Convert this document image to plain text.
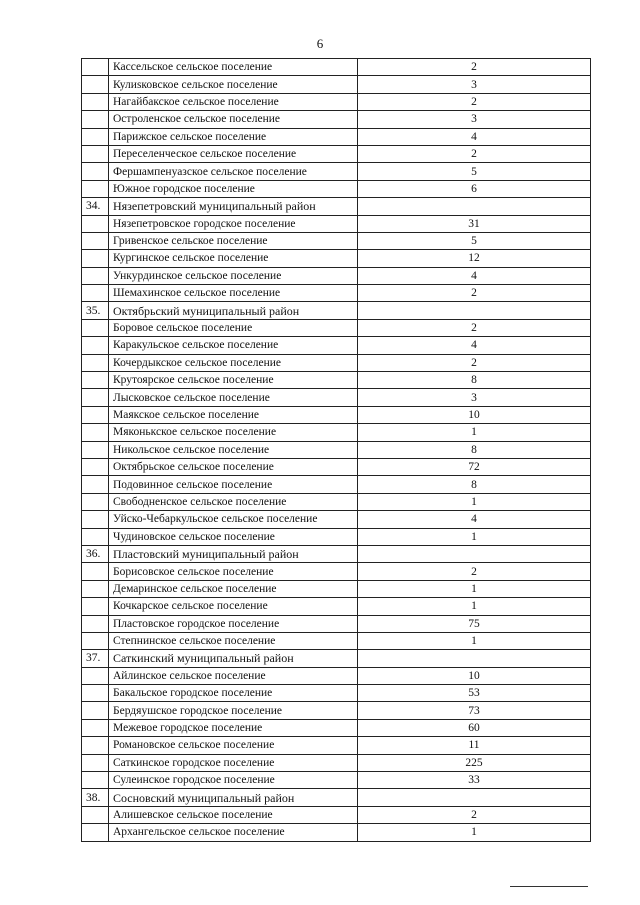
6
	Кассельское сельское поселение	2
	Кулиsковское сельское поселение	3
	Нагайбакское сельское поселение	2
	Остроленское сельское поселение	3
	Парижское сельское поселение	4
	Переселенческое сельское поселение	2
	Фершампенуазское сельское поселение	5
	Южное городское поселение	6
34.	Нязепетровский муниципальный район	
	Нязепетровское городское поселение	31
	Гривенское сельское поселение	5
	Кургинское сельское поселение	12
	Ункурдинское сельское поселение	4
	Шемахинское сельское поселение	2
35.	Октябрьский муниципальный район	
	Боровое сельское поселение	2
	Каракульское сельское поселение	4
	Кочердыкское сельское поселение	2
	Крутоярское сельское поселение	8
	Лысковское сельское поселение	3
	Маякское сельское поселение	10
	Мяконькское сельское поселение	1
	Никольское сельское поселение	8
	Октябрьское сельское поселение	72
	Подовинное сельское поселение	8
	Свободненское сельское поселение	1
	Уйско-Чебаркульское сельское поселение	4
	Чудиновское сельское поселение	1
36.	Пластовский муниципальный район	
	Борисовское сельское поселение	2
	Демаринское сельское поселение	1
	Кочкарское сельское поселение	1
	Пластовское городское поселение	75
	Степнинское сельское поселение	1
37.	Саткинский муниципальный район	
	Айлинское сельское поселение	10
	Бакальское городское поселение	53
	Бердяушское городское поселение	73
	Межевое городское поселение	60
	Романовское сельское поселение	11
	Саткинское городское поселение	225
	Сулеинское городское поселение	33
38.	Сосновский муниципальный район	
	Алишевское сельское поселение	2
	Архангельское сельское поселение	1
